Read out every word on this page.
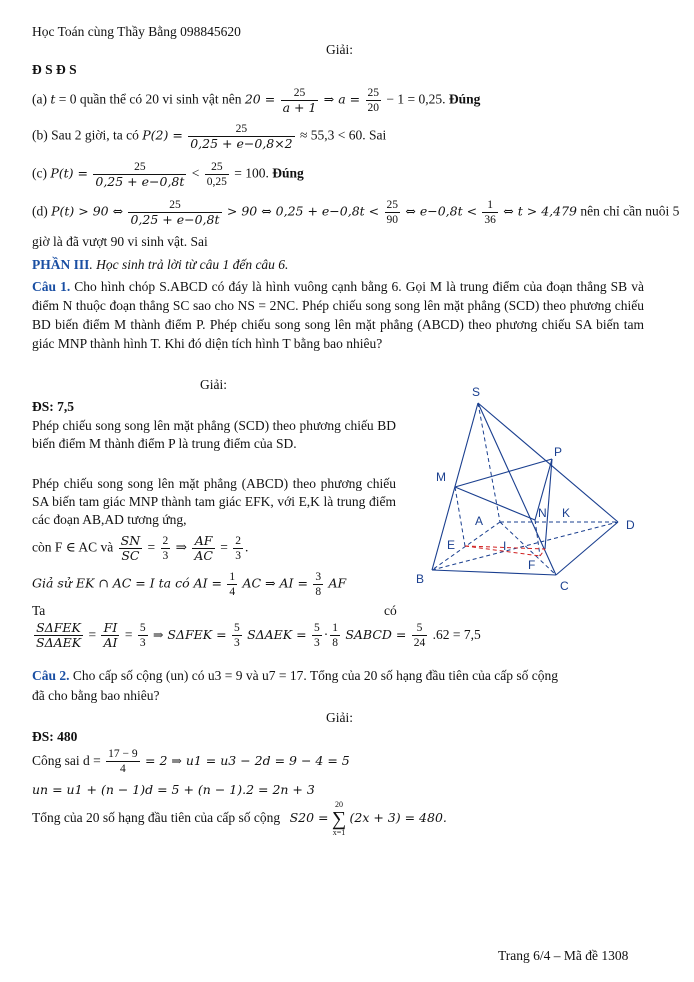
Học Toán cùng Thầy Bằng 098845620
Giải:
Đ S Đ S
(a) t = 0 quần thể có 20 vi sinh vật nên $20 = \frac{25}{a + 1}$ ⇒ $a = \frac{25}{20} - 1 = 0,25$. Đúng
(b) Sau 2 giời, ta có $P(2) = \frac{25}{0,25 + e-0,8\times 2} \approx 55,3 < 60$. Sai
(c) $P(t) = \frac{25}{0,25 + e-0,8t} < \frac{25}{0,25} = 100$. Đúng
(d) P(t) > 90 ⇔ $\frac{25}{0,25 + e-0,8t} > 90$ ⇔ $0,25 + e-0,8t < \frac{25}{90}$ ⇔ $e-0,8t < \frac{1}{36}$ ⇔ t > 4,479 nên chỉ cần nuôi 5
giờ là đã vượt 90 vi sinh vật. Sai
PHẦN III. Học sinh trả lời từ câu 1 đến câu 6.
Câu 1. Cho hình chóp S.ABCD có đáy là hình vuông cạnh bằng 6. Gọi M là trung điểm của đoạn thẳng SB và điểm N thuộc đoạn thẳng SC sao cho NS = 2NC. Phép chiếu song song lên mặt phẳng (SCD) theo phương chiếu BD biến điểm M thành điểm P. Phép chiếu song song lên mặt phẳng (ABCD) theo phương chiếu SA biến tam giác MNP thành hình T. Khi đó diện tích hình T bằng bao nhiêu?
Giải:
ĐS: 7,5
Phép chiếu song song lên mặt phẳng (SCD) theo phương chiếu BD biến điểm M thành điểm P là trung điểm của SD.
Phép chiếu song song lên mặt phẳng (ABCD) theo phương chiếu SA biến tam giác MNP thành tam giác EFK, với E,K là trung điểm các đoạn AB,AD tương ứng,
còn F ∈ AC và $\frac{SN}{SC} = \frac{2}{3}$ ⇒ $\frac{AF}{AC} = \frac{2}{3}$ .
Giả sử EK ∩ AC = I ta có AI = $\frac{1}{4}$ AC ⇒ AI = $\frac{3}{8}$ AF
Ta	có
SΔFEK
SΔAEK
= $\frac{FI}{AI} = \frac{5}{3}$ ⇒ $S\Delta FEK = \frac{5}{3}$ $S\Delta AEK = \frac{5}{3} \cdot \frac{1}{8}$ SABCD = $\frac{5}{24} .62 = 7,5$
S
P
M
A
N K
D
E	I
F
B	C
Câu 2. Cho cấp số cộng (un) có u3 = 9 và u7 = 17. Tổng của 20 số hạng đầu tiên của cấp số cộng
đã cho bằng bao nhiêu?
Giải:
ĐS: 480
Công sai $d = \frac{17 - 9}{4} = 2$ ⇒ u1 = u3 − 2d = 9 − 4 = 5
un = u1 + (n − 1)d = 5 + (n − 1).2 = 2n + 3
Tổng của 20 số hạng đầu tiên của cấp số cộng S20 =
20
∑
x=1
(2x + 3) = 480.
Trang 6/4 – Mã đề 1308
